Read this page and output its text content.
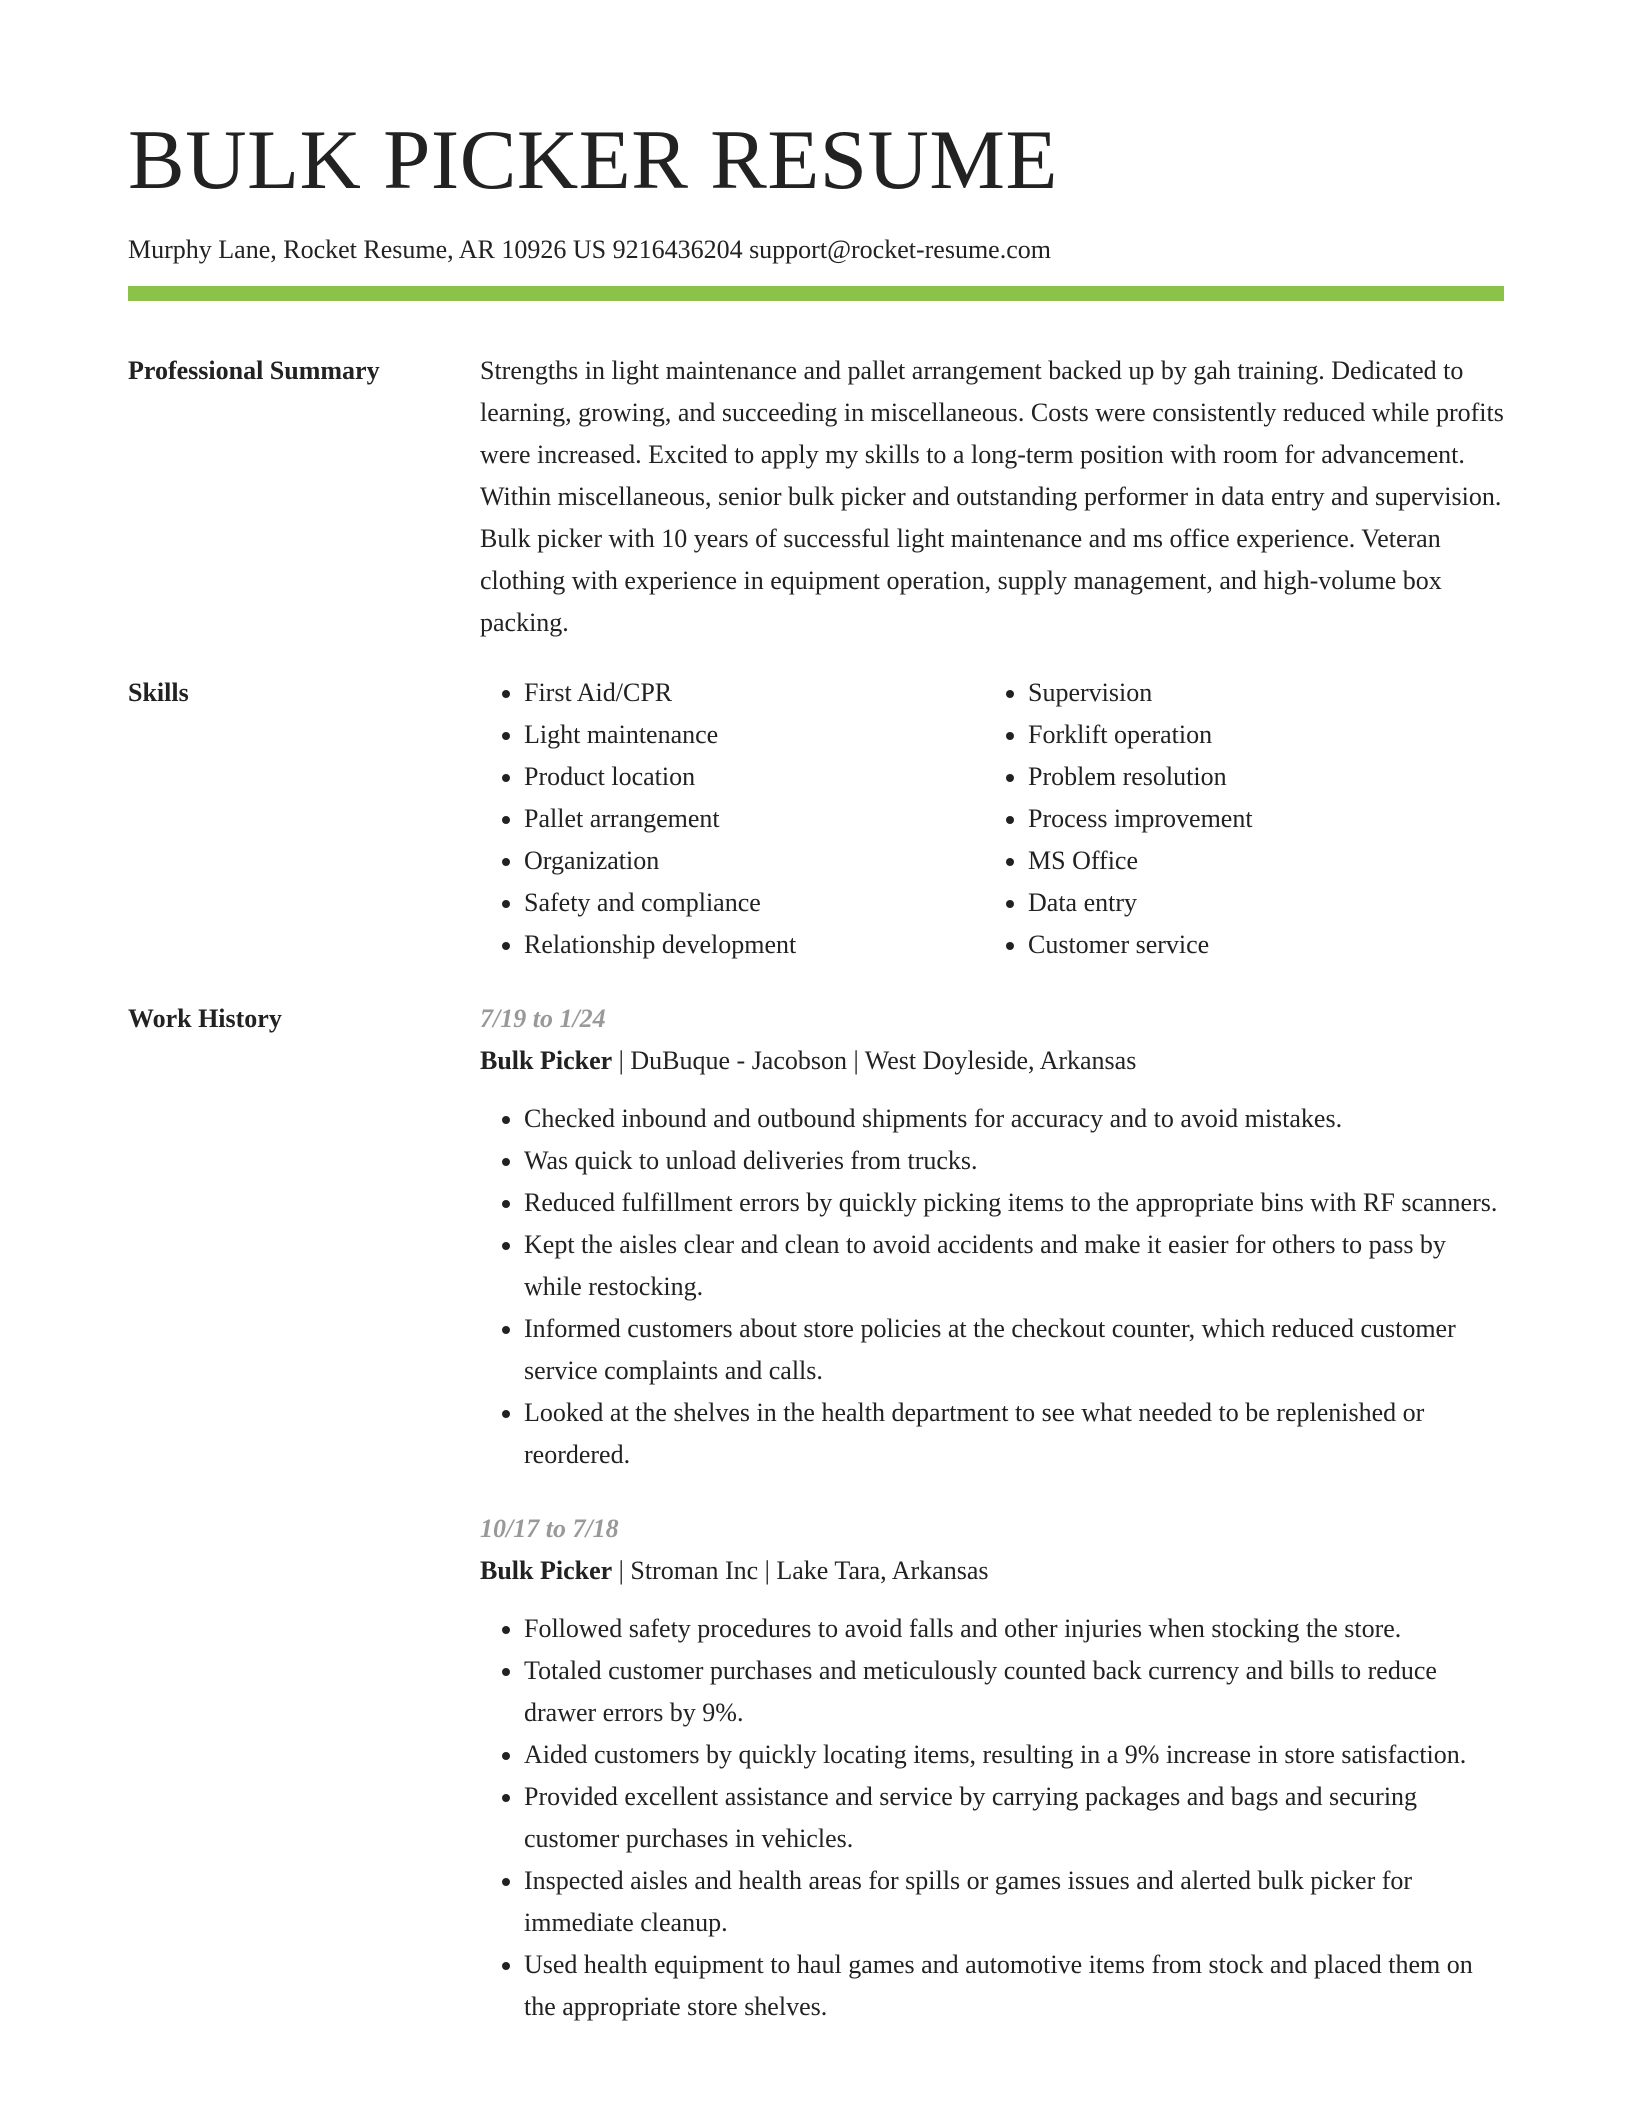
BULK PICKER RESUME
Murphy Lane, Rocket Resume, AR 10926 US 9216436204 support@rocket-resume.com
Professional Summary	Strengths in light maintenance and pallet arrangement backed up by gah training. Dedicated to learning, growing, and succeeding in miscellaneous. Costs were consistently reduced while profits were increased. Excited to apply my skills to a long-term position with room for advancement. Within miscellaneous, senior bulk picker and outstanding performer in data entry and supervision. Bulk picker with 10 years of successful light maintenance and ms office experience. Veteran clothing with experience in equipment operation, supply management, and high-volume box packing.

Skills
•	First Aid/CPR
• Light maintenance
• Product location
• Pallet arrangement
• Organization
• Safety and compliance
• Relationship development
• Supervision
• Forklift operation
• Problem resolution
• Process improvement
• MS Office
• Data entry
• Customer service
Work History	7/19 to 1/24
Bulk Picker | DuBuque - Jacobson | West Doyleside, Arkansas
• Checked inbound and outbound shipments for accuracy and to avoid mistakes.
• Was quick to unload deliveries from trucks.
• Reduced fulfillment errors by quickly picking items to the appropriate bins with RF scanners.
• Kept the aisles clear and clean to avoid accidents and make it easier for others to pass by while restocking.
• Informed customers about store policies at the checkout counter, which reduced customer service complaints and calls.
• Looked at the shelves in the health department to see what needed to be replenished or reordered.
10/17 to 7/18
Bulk Picker | Stroman Inc | Lake Tara, Arkansas
• Followed safety procedures to avoid falls and other injuries when stocking the store.
• Totaled customer purchases and meticulously counted back currency and bills to reduce drawer errors by 9%.
• Aided customers by quickly locating items, resulting in a 9% increase in store satisfaction.
• Provided excellent assistance and service by carrying packages and bags and securing customer purchases in vehicles.
• Inspected aisles and health areas for spills or games issues and alerted bulk picker for immediate cleanup.
• Used health equipment to haul games and automotive items from stock and placed them on the appropriate store shelves.
